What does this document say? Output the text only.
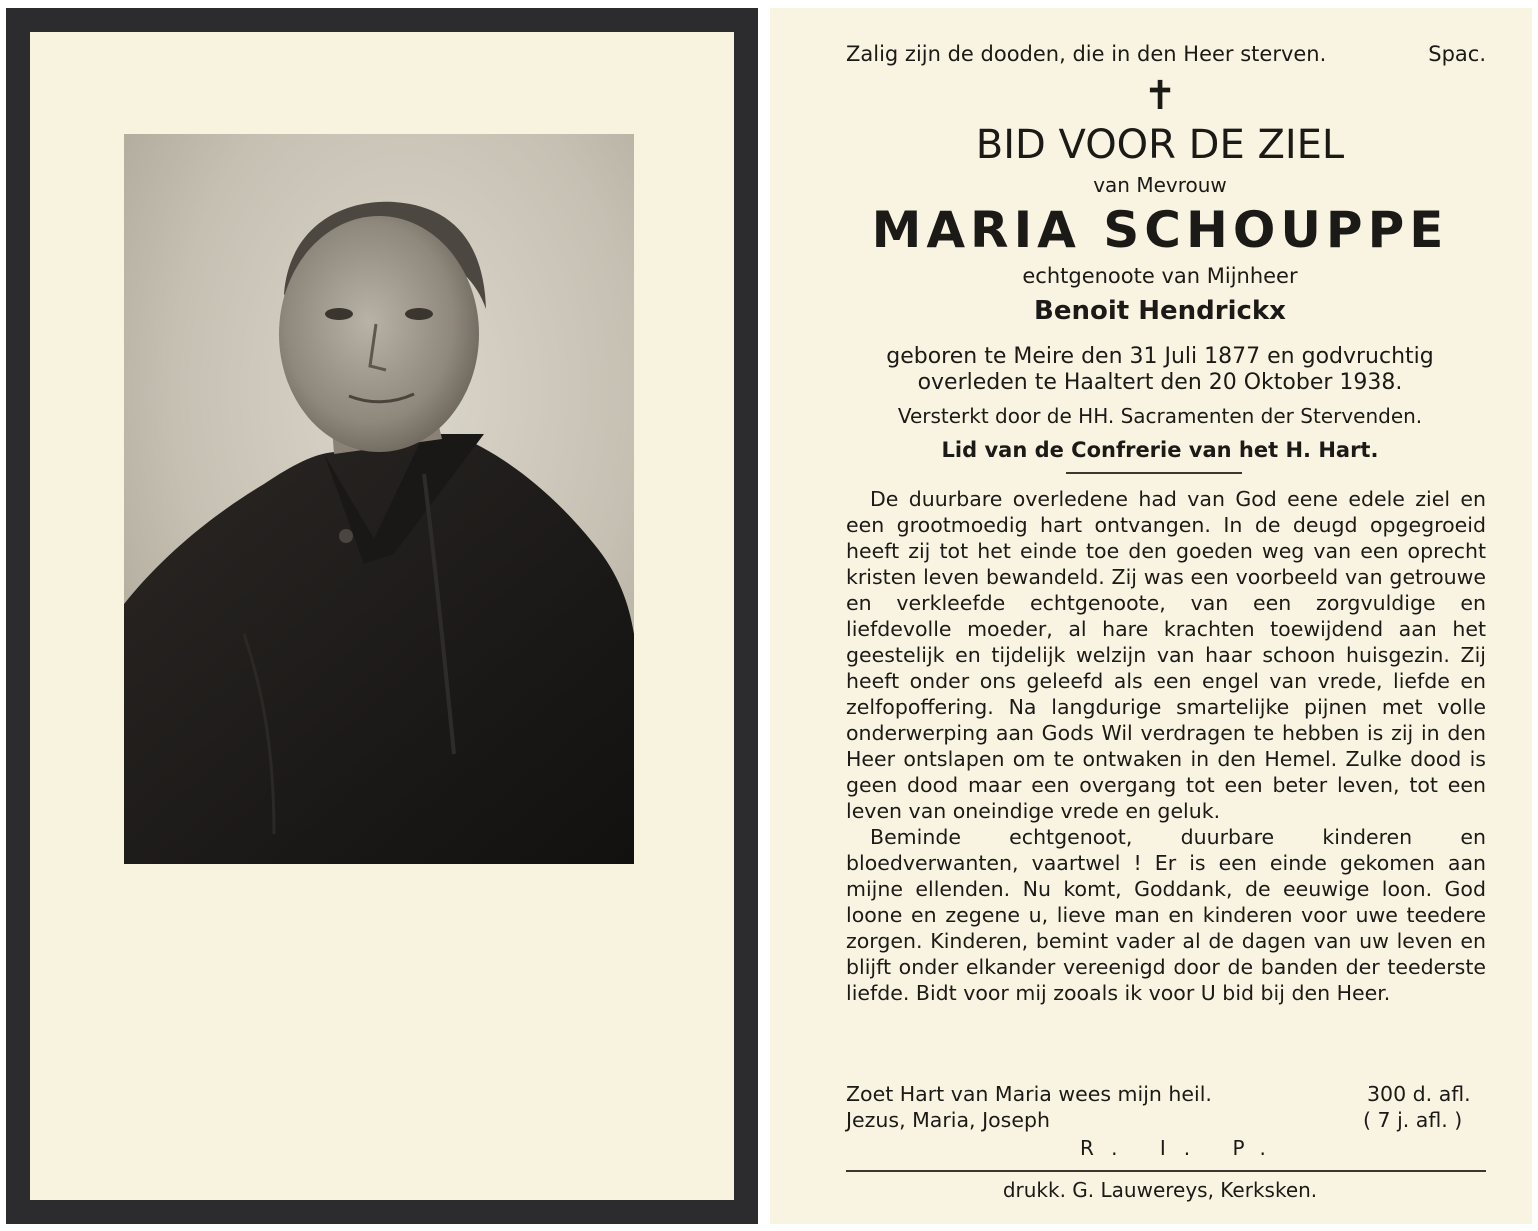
Zalig zijn de dooden, die in den Heer sterven.	Spac.
✝
BID VOOR DE ZIEL
van Mevrouw
MARIA SCHOUPPE
echtgenoote van Mijnheer
Benoit Hendrickx
geboren te Meire den 31 Juli 1877 en godvruchtig
overleden te Haaltert den 20 Oktober 1938.
Versterkt door de HH. Sacramenten der Stervenden.
Lid van de Confrerie van het H. Hart.

De duurbare overledene had van God eene edele ziel en een grootmoedig hart ontvangen. In de deugd opgegroeid heeft zij tot het einde toe den goeden weg van een oprecht kristen leven bewandeld. Zij was een voorbeeld van getrouwe en verkleefde echtgenoote, van een zorgvuldige en liefdevolle moeder, al hare krachten toewijdend aan het geestelijk en tijdelijk welzijn van haar schoon huisgezin. Zij heeft onder ons geleefd als een engel van vrede, liefde en zelfopoffering. Na langdurige smartelijke pijnen met volle onderwerping aan Gods Wil verdragen te hebben is zij in den Heer ontslapen om te ontwaken in den Hemel. Zulke dood is geen dood maar een overgang tot een beter leven, tot een leven van oneindige vrede en geluk.

Beminde echtgenoot, duurbare kinderen en bloedverwanten, vaartwel ! Er is een einde gekomen aan mijne ellenden. Nu komt, Goddank, de eeuwige loon. God loone en zegene u, lieve man en kinderen voor uwe teedere zorgen. Kinderen, bemint vader al de dagen van uw leven en blijft onder elkander vereenigd door de banden der teederste liefde. Bidt voor mij zooals ik voor U bid bij den Heer.

Zoet Hart van Maria wees mijn heil.	300 d. afl.
Jezus, Maria, Joseph	( 7 j. afl. )
R. I. P.
drukk. G. Lauwereys, Kerksken.
